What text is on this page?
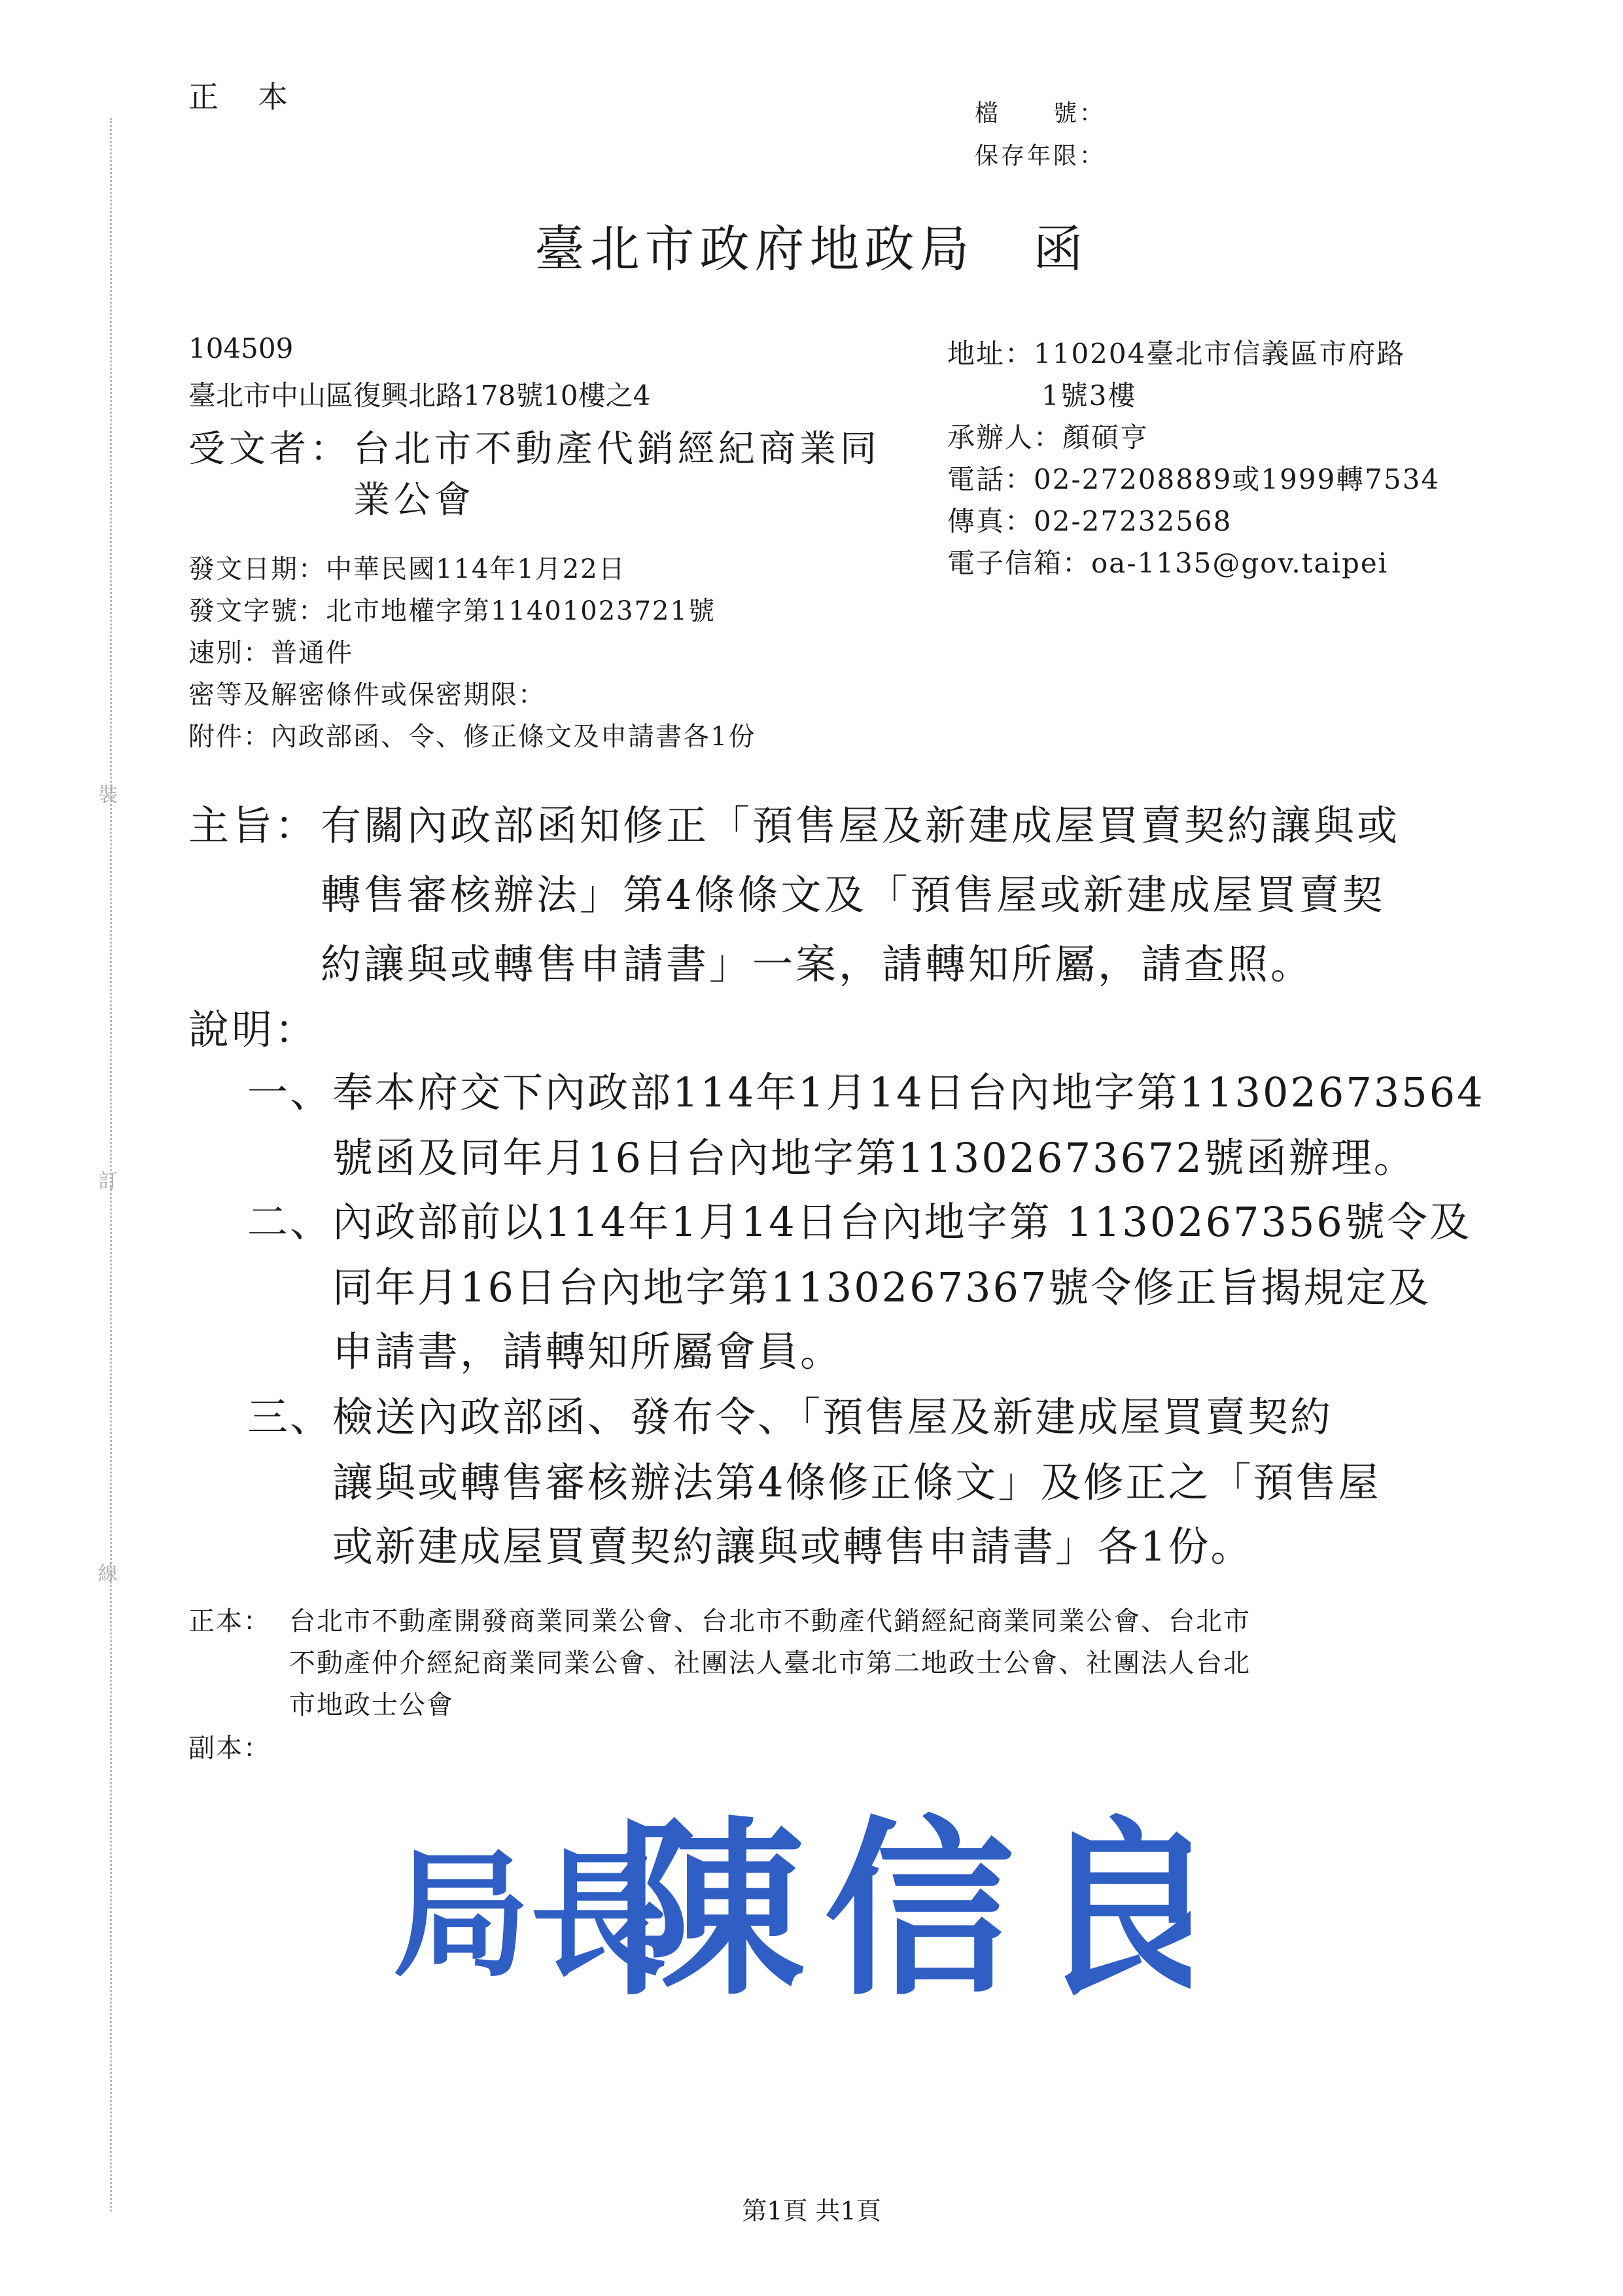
裝
訂
線
正本	檔　　號：
保存年限：
臺北市政府地政局 函
104509
臺北市中山區復興北路178號10樓之4
受文者： 台北市不動產代銷經紀商業同
業公會
地址：110204臺北市信義區市府路
1號3樓
承辦人：顏碩亨
電話：02-27208889或1999轉7534
傳真：02-27232568
電子信箱：oa-1135@gov.taipei
發文日期：中華民國114年1月22日
發文字號：北市地權字第11401023721號
速別：普通件
密等及解密條件或保密期限：
附件：內政部函、令、修正條文及申請書各1份
主旨： 有關內政部函知修正「預售屋及新建成屋買賣契約讓與或
轉售審核辦法」第4條條文及「預售屋或新建成屋買賣契
約讓與或轉售申請書」一案，請轉知所屬，請查照。
說明：
一、 奉本府交下內政部114年1月14日台內地字第11302673564
號函及同年月16日台內地字第11302673672號函辦理。
二、 內政部前以114年1月14日台內地字第 1130267356號令及
同年月16日台內地字第1130267367號令修正旨揭規定及
申請書，請轉知所屬會員。
三、 檢送內政部函、發布令、「預售屋及新建成屋買賣契約
讓與或轉售審核辦法第4條修正條文」及修正之「預售屋
或新建成屋買賣契約讓與或轉售申請書」各1份。
正本： 台北市不動產開發商業同業公會、台北市不動產代銷經紀商業同業公會、台北市
不動產仲介經紀商業同業公會、社團法人臺北市第二地政士公會、社團法人台北
市地政士公會
副本：
局長
陳信良
第1頁 共1頁
